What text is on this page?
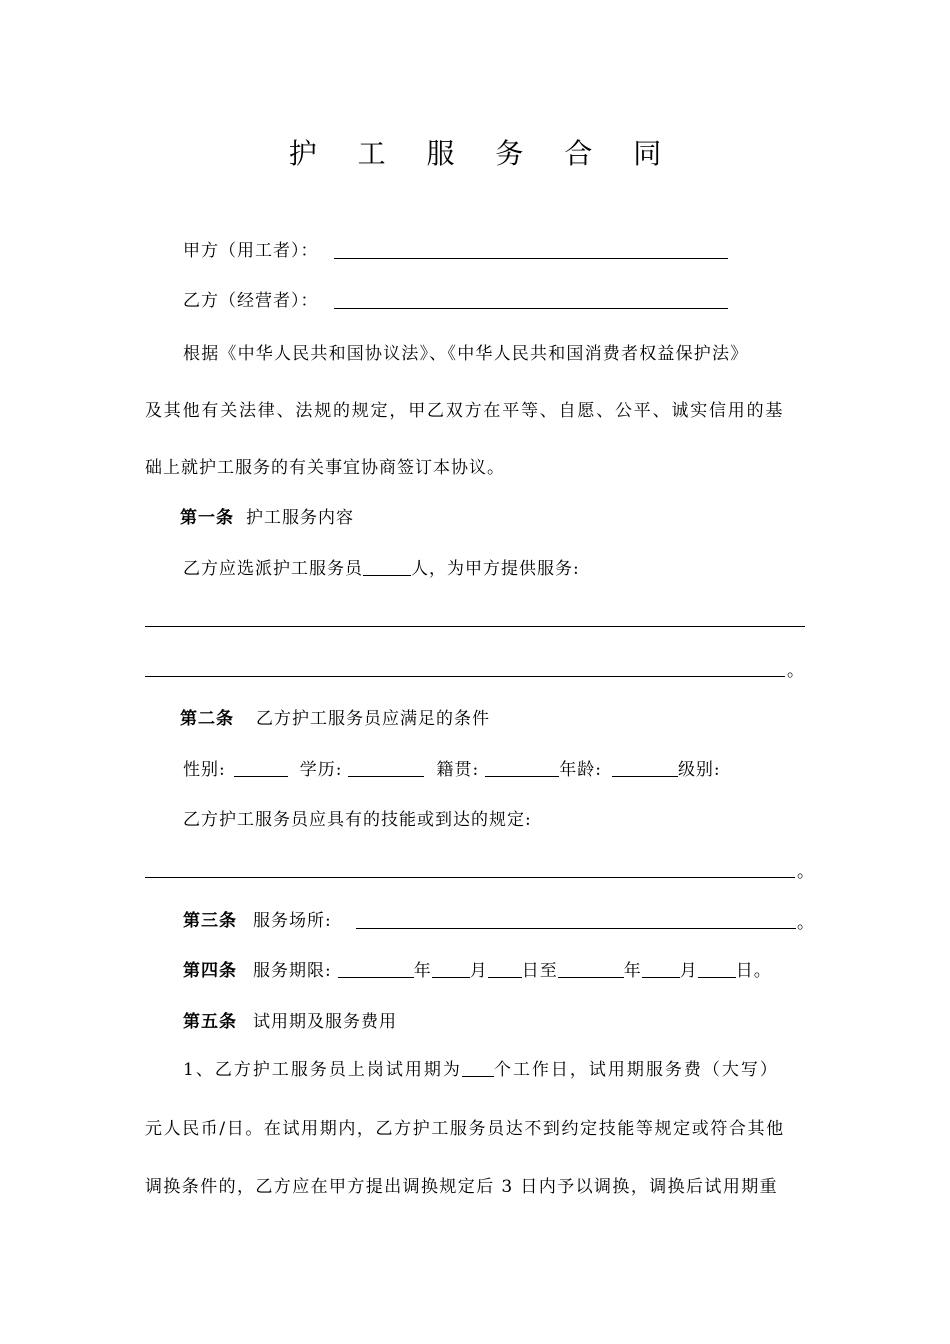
护 工 服 务 合 同
甲方（用工者）：
乙方（经营者）：
根据《中华人民共和国协议法》、《中华人民共和国消费者权益保护法》
及其他有关法律、法规的规定，甲乙双方在平等、自愿、公平、诚实信用的基
础上就护工服务的有关事宜协商签订本协议。
第一条 护工服务内容
乙方应选派护工服务员	人，为甲方提供服务:
。
第二条 乙方护工服务员应满足的条件
性别:	学历:	籍贯:	年龄:	级别:
乙方护工服务员应具有的技能或到达的规定:
。
第三条 服务场所:	。
第四条 服务期限:	年 月 日至	年 月 日。
第五条 试用期及服务费用
1、乙方护工服务员上岗试用期为 个工作日，试用期服务费（大写）
元人民币/日。在试用期内，乙方护工服务员达不到约定技能等规定或符合其他
调换条件的，乙方应在甲方提出调换规定后 3 日内予以调换，调换后试用期重
